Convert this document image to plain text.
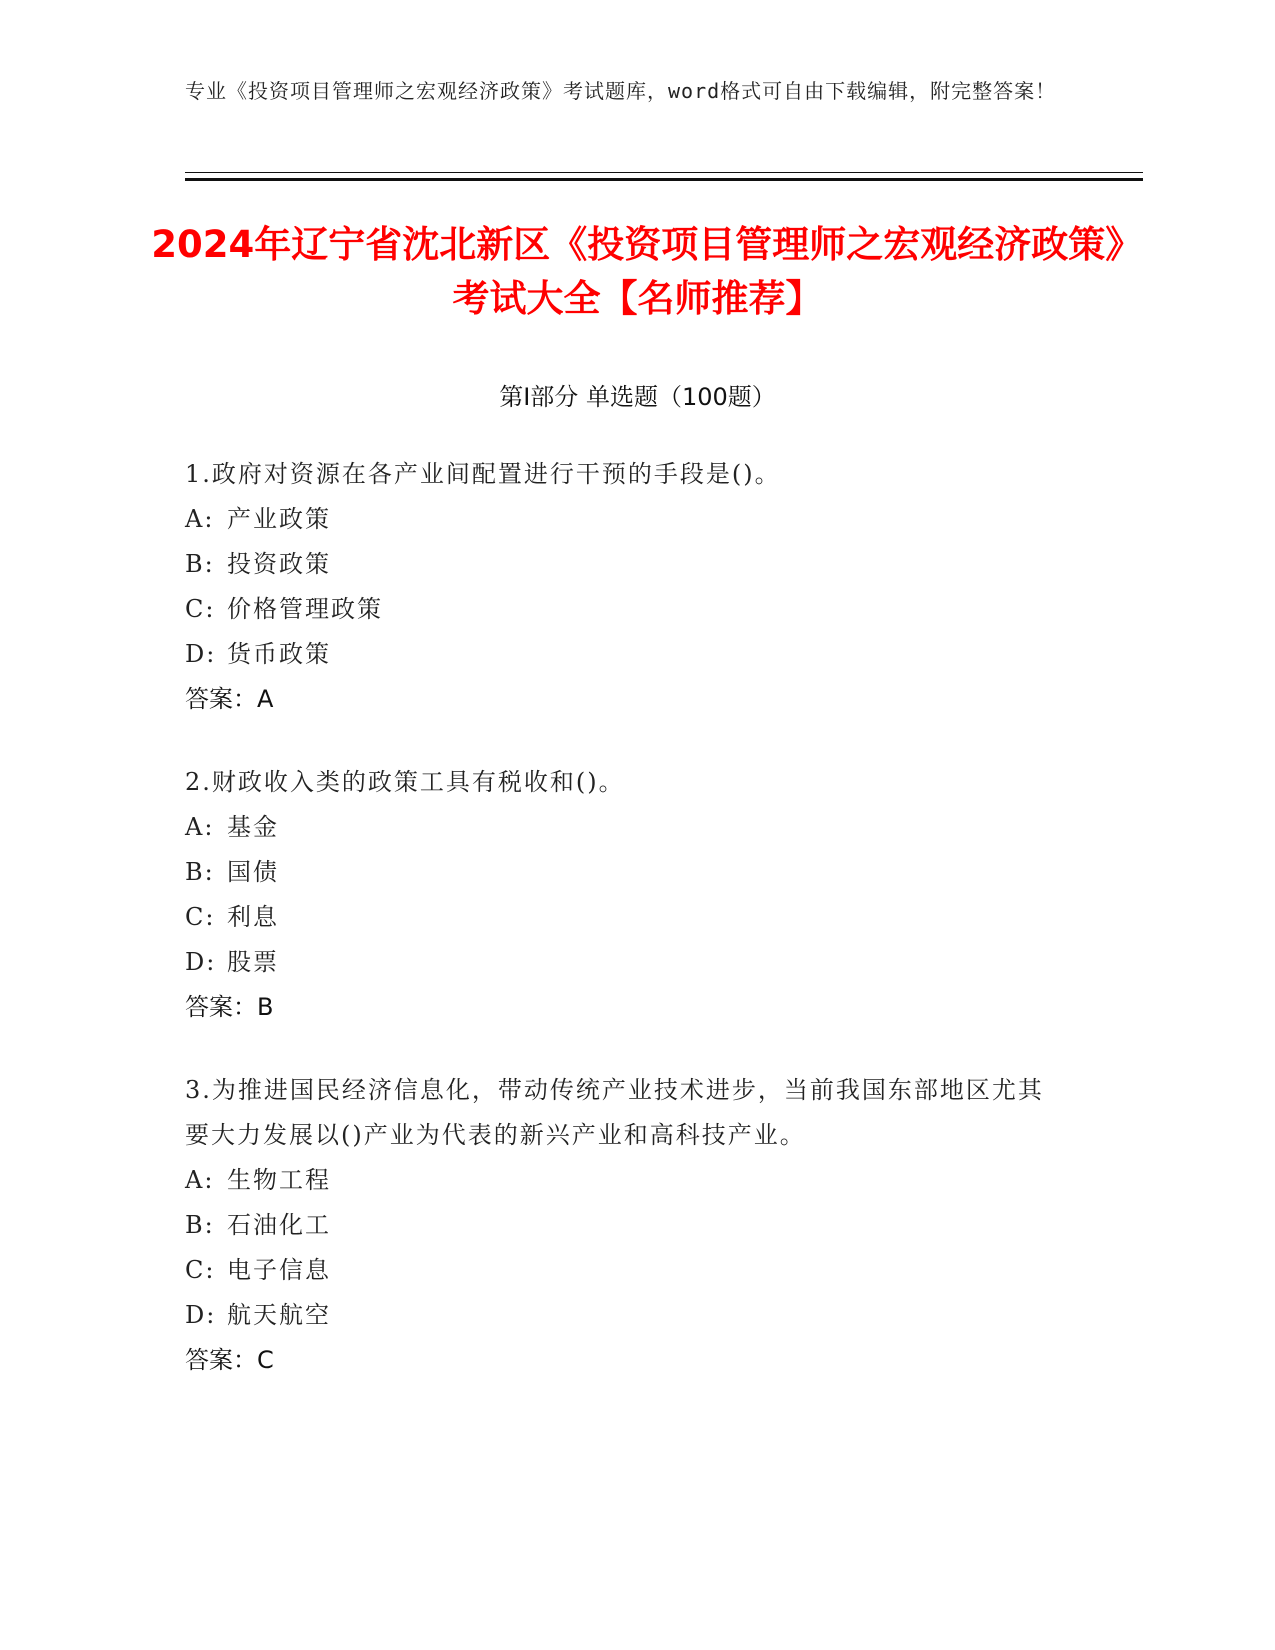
专业《投资项目管理师之宏观经济政策》考试题库，word格式可自由下载编辑，附完整答案！
2024年辽宁省沈北新区《投资项目管理师之宏观经济政策》考试大全【名师推荐】
第Ⅰ部分 单选题（100题）
1.政府对资源在各产业间配置进行干预的手段是()。
A: 产业政策
B: 投资政策
C: 价格管理政策
D: 货币政策
答案：A
2.财政收入类的政策工具有税收和()。
A: 基金
B: 国债
C: 利息
D: 股票
答案：B
3.为推进国民经济信息化，带动传统产业技术进步，当前我国东部地区尤其要大力发展以()产业为代表的新兴产业和高科技产业。
A: 生物工程
B: 石油化工
C: 电子信息
D: 航天航空
答案：C
